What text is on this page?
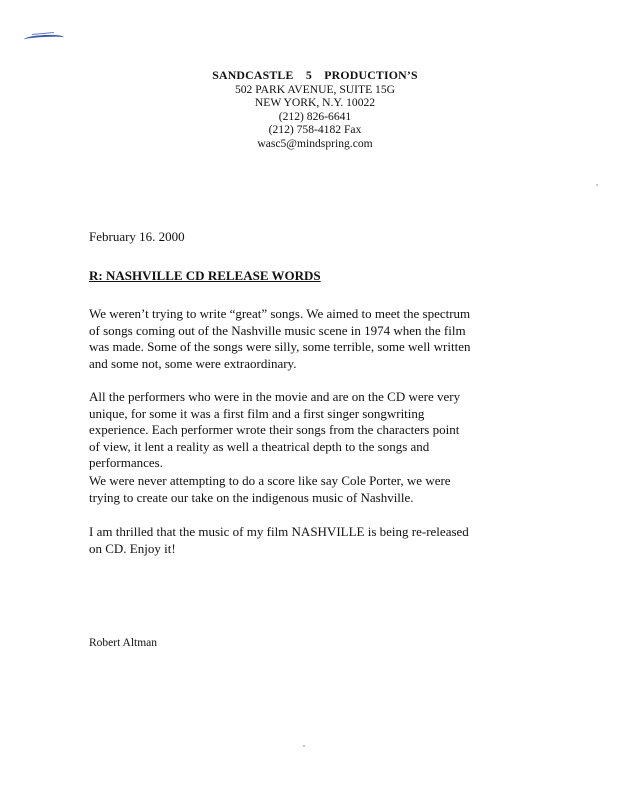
SANDCASTLE  5  PRODUCTION’S
502 PARK AVENUE, SUITE 15G
NEW YORK, N.Y. 10022
(212) 826-6641
(212) 758-4182 Fax
wasc5@mindspring.com
February 16. 2000
R: NASHVILLE CD RELEASE WORDS
We weren’t trying to write “great” songs. We aimed to meet the spectrum
of songs coming out of the Nashville music scene in 1974 when the film
was made. Some of the songs were silly, some terrible, some well written
and some not, some were extraordinary.
All the performers who were in the movie and are on the CD were very
unique, for some it was a first film and a first singer songwriting
experience. Each performer wrote their songs from the characters point
of view, it lent a reality as well a theatrical depth to the songs and
performances.
We were never attempting to do a score like say Cole Porter, we were
trying to create our take on the indigenous music of Nashville.
I am thrilled that the music of my film NASHVILLE is being re-released
on CD. Enjoy it!
Robert Altman
